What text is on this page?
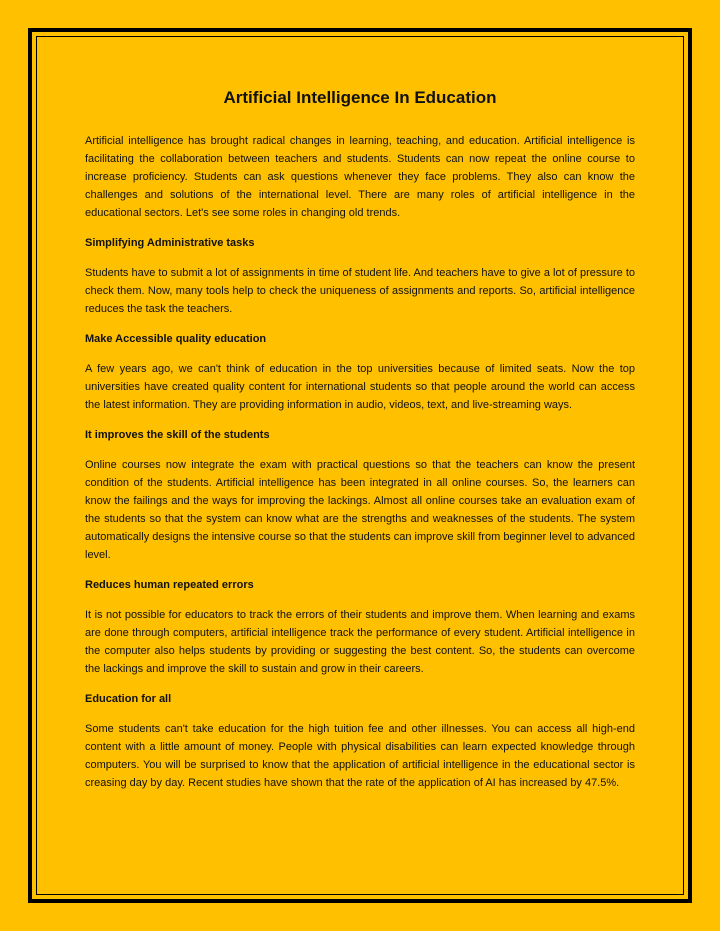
Artificial Intelligence In Education

Artificial intelligence has brought radical changes in learning, teaching, and education. Artificial intelligence is facilitating the collaboration between teachers and students. Students can now repeat the online course to increase proficiency. Students can ask questions whenever they face problems. They also can know the challenges and solutions of the international level. There are many roles of artificial intelligence in the educational sectors. Let's see some roles in changing old trends.

Simplifying Administrative tasks

Students have to submit a lot of assignments in time of student life. And teachers have to give a lot of pressure to check them. Now, many tools help to check the uniqueness of assignments and reports. So, artificial intelligence reduces the task the teachers.

Make Accessible quality education

A few years ago, we can't think of education in the top universities because of limited seats. Now the top universities have created quality content for international students so that people around the world can access the latest information. They are providing information in audio, videos, text, and live-streaming ways.

It improves the skill of the students

Online courses now integrate the exam with practical questions so that the teachers can know the present condition of the students. Artificial intelligence has been integrated in all online courses. So, the learners can know the failings and the ways for improving the lackings. Almost all online courses take an evaluation exam of the students so that the system can know what are the strengths and weaknesses of the students. The system automatically designs the intensive course so that the students can improve skill from beginner level to advanced level.

Reduces human repeated errors

It is not possible for educators to track the errors of their students and improve them. When learning and exams are done through computers, artificial intelligence track the performance of every student. Artificial intelligence in the computer also helps students by providing or suggesting the best content. So, the students can overcome the lackings and improve the skill to sustain and grow in their careers.

Education for all

Some students can't take education for the high tuition fee and other illnesses. You can access all high-end content with a little amount of money. People with physical disabilities can learn expected knowledge through computers. You will be surprised to know that the application of artificial intelligence in the educational sector is creasing day by day. Recent studies have shown that the rate of the application of AI has increased by 47.5%.
